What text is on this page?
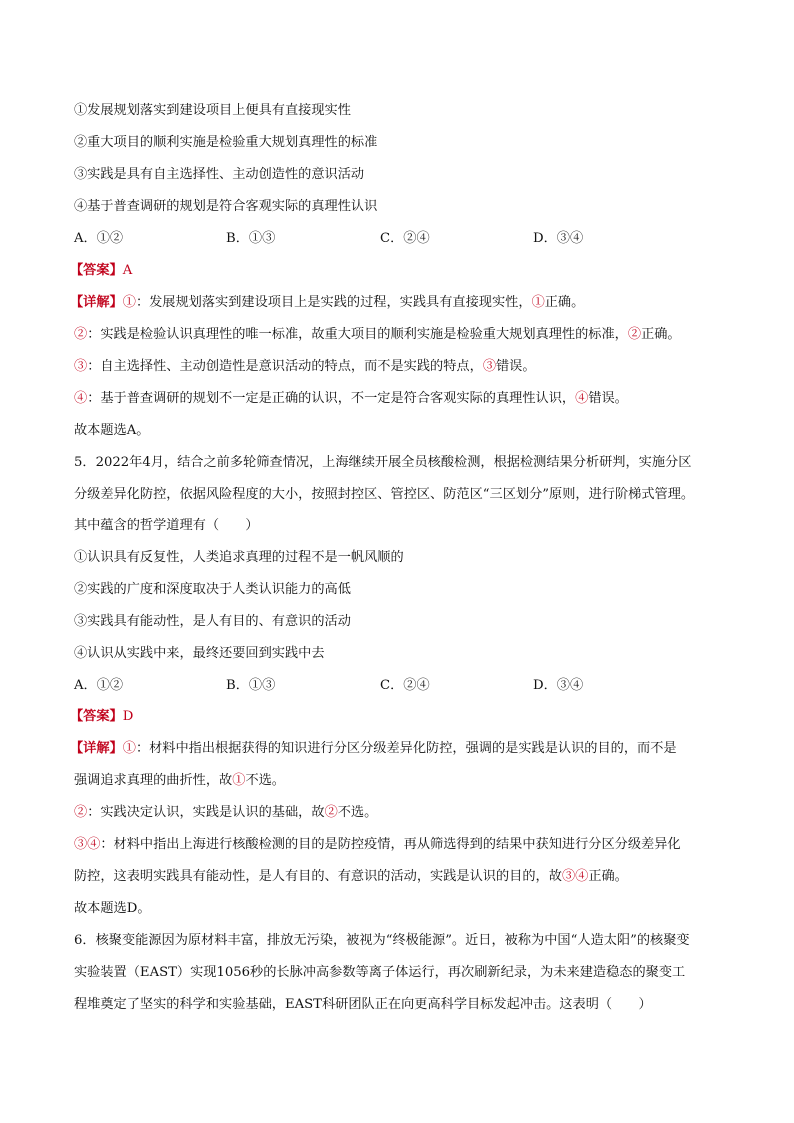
①发展规划落实到建设项目上便具有直接现实性
②重大项目的顺利实施是检验重大规划真理性的标准
③实践是具有自主选择性、主动创造性的意识活动
④基于普查调研的规划是符合客观实际的真理性认识
A．①②	B．①③	C．②④	D．③④
【答案】A
【详解】①：发展规划落实到建设项目上是实践的过程，实践具有直接现实性，①正确。
②：实践是检验认识真理性的唯一标准，故重大项目的顺利实施是检验重大规划真理性的标准，②正确。
③：自主选择性、主动创造性是意识活动的特点，而不是实践的特点，③错误。
④：基于普查调研的规划不一定是正确的认识，不一定是符合客观实际的真理性认识，④错误。
故本题选A。
5．2022年4月，结合之前多轮筛查情况，上海继续开展全员核酸检测，根据检测结果分析研判，实施分区
分级差异化防控，依据风险程度的大小，按照封控区、管控区、防范区“三区划分”原则，进行阶梯式管理。
其中蕴含的哲学道理有（　　）
①认识具有反复性，人类追求真理的过程不是一帆风顺的
②实践的广度和深度取决于人类认识能力的高低
③实践具有能动性，是人有目的、有意识的活动
④认识从实践中来，最终还要回到实践中去
A．①②	B．①③	C．②④	D．③④
【答案】D
【详解】①：材料中指出根据获得的知识进行分区分级差异化防控，强调的是实践是认识的目的，而不是
强调追求真理的曲折性，故①不选。
②：实践决定认识，实践是认识的基础，故②不选。
③④：材料中指出上海进行核酸检测的目的是防控疫情，再从筛选得到的结果中获知进行分区分级差异化
防控，这表明实践具有能动性，是人有目的、有意识的活动，实践是认识的目的，故③④正确。
故本题选D。
6．核聚变能源因为原材料丰富，排放无污染，被视为“终极能源”。近日，被称为中国“人造太阳”的核聚变
实验装置（EAST）实现1056秒的长脉冲高参数等离子体运行，再次刷新纪录，为未来建造稳态的聚变工
程堆奠定了坚实的科学和实验基础，EAST科研团队正在向更高科学目标发起冲击。这表明（　　）
